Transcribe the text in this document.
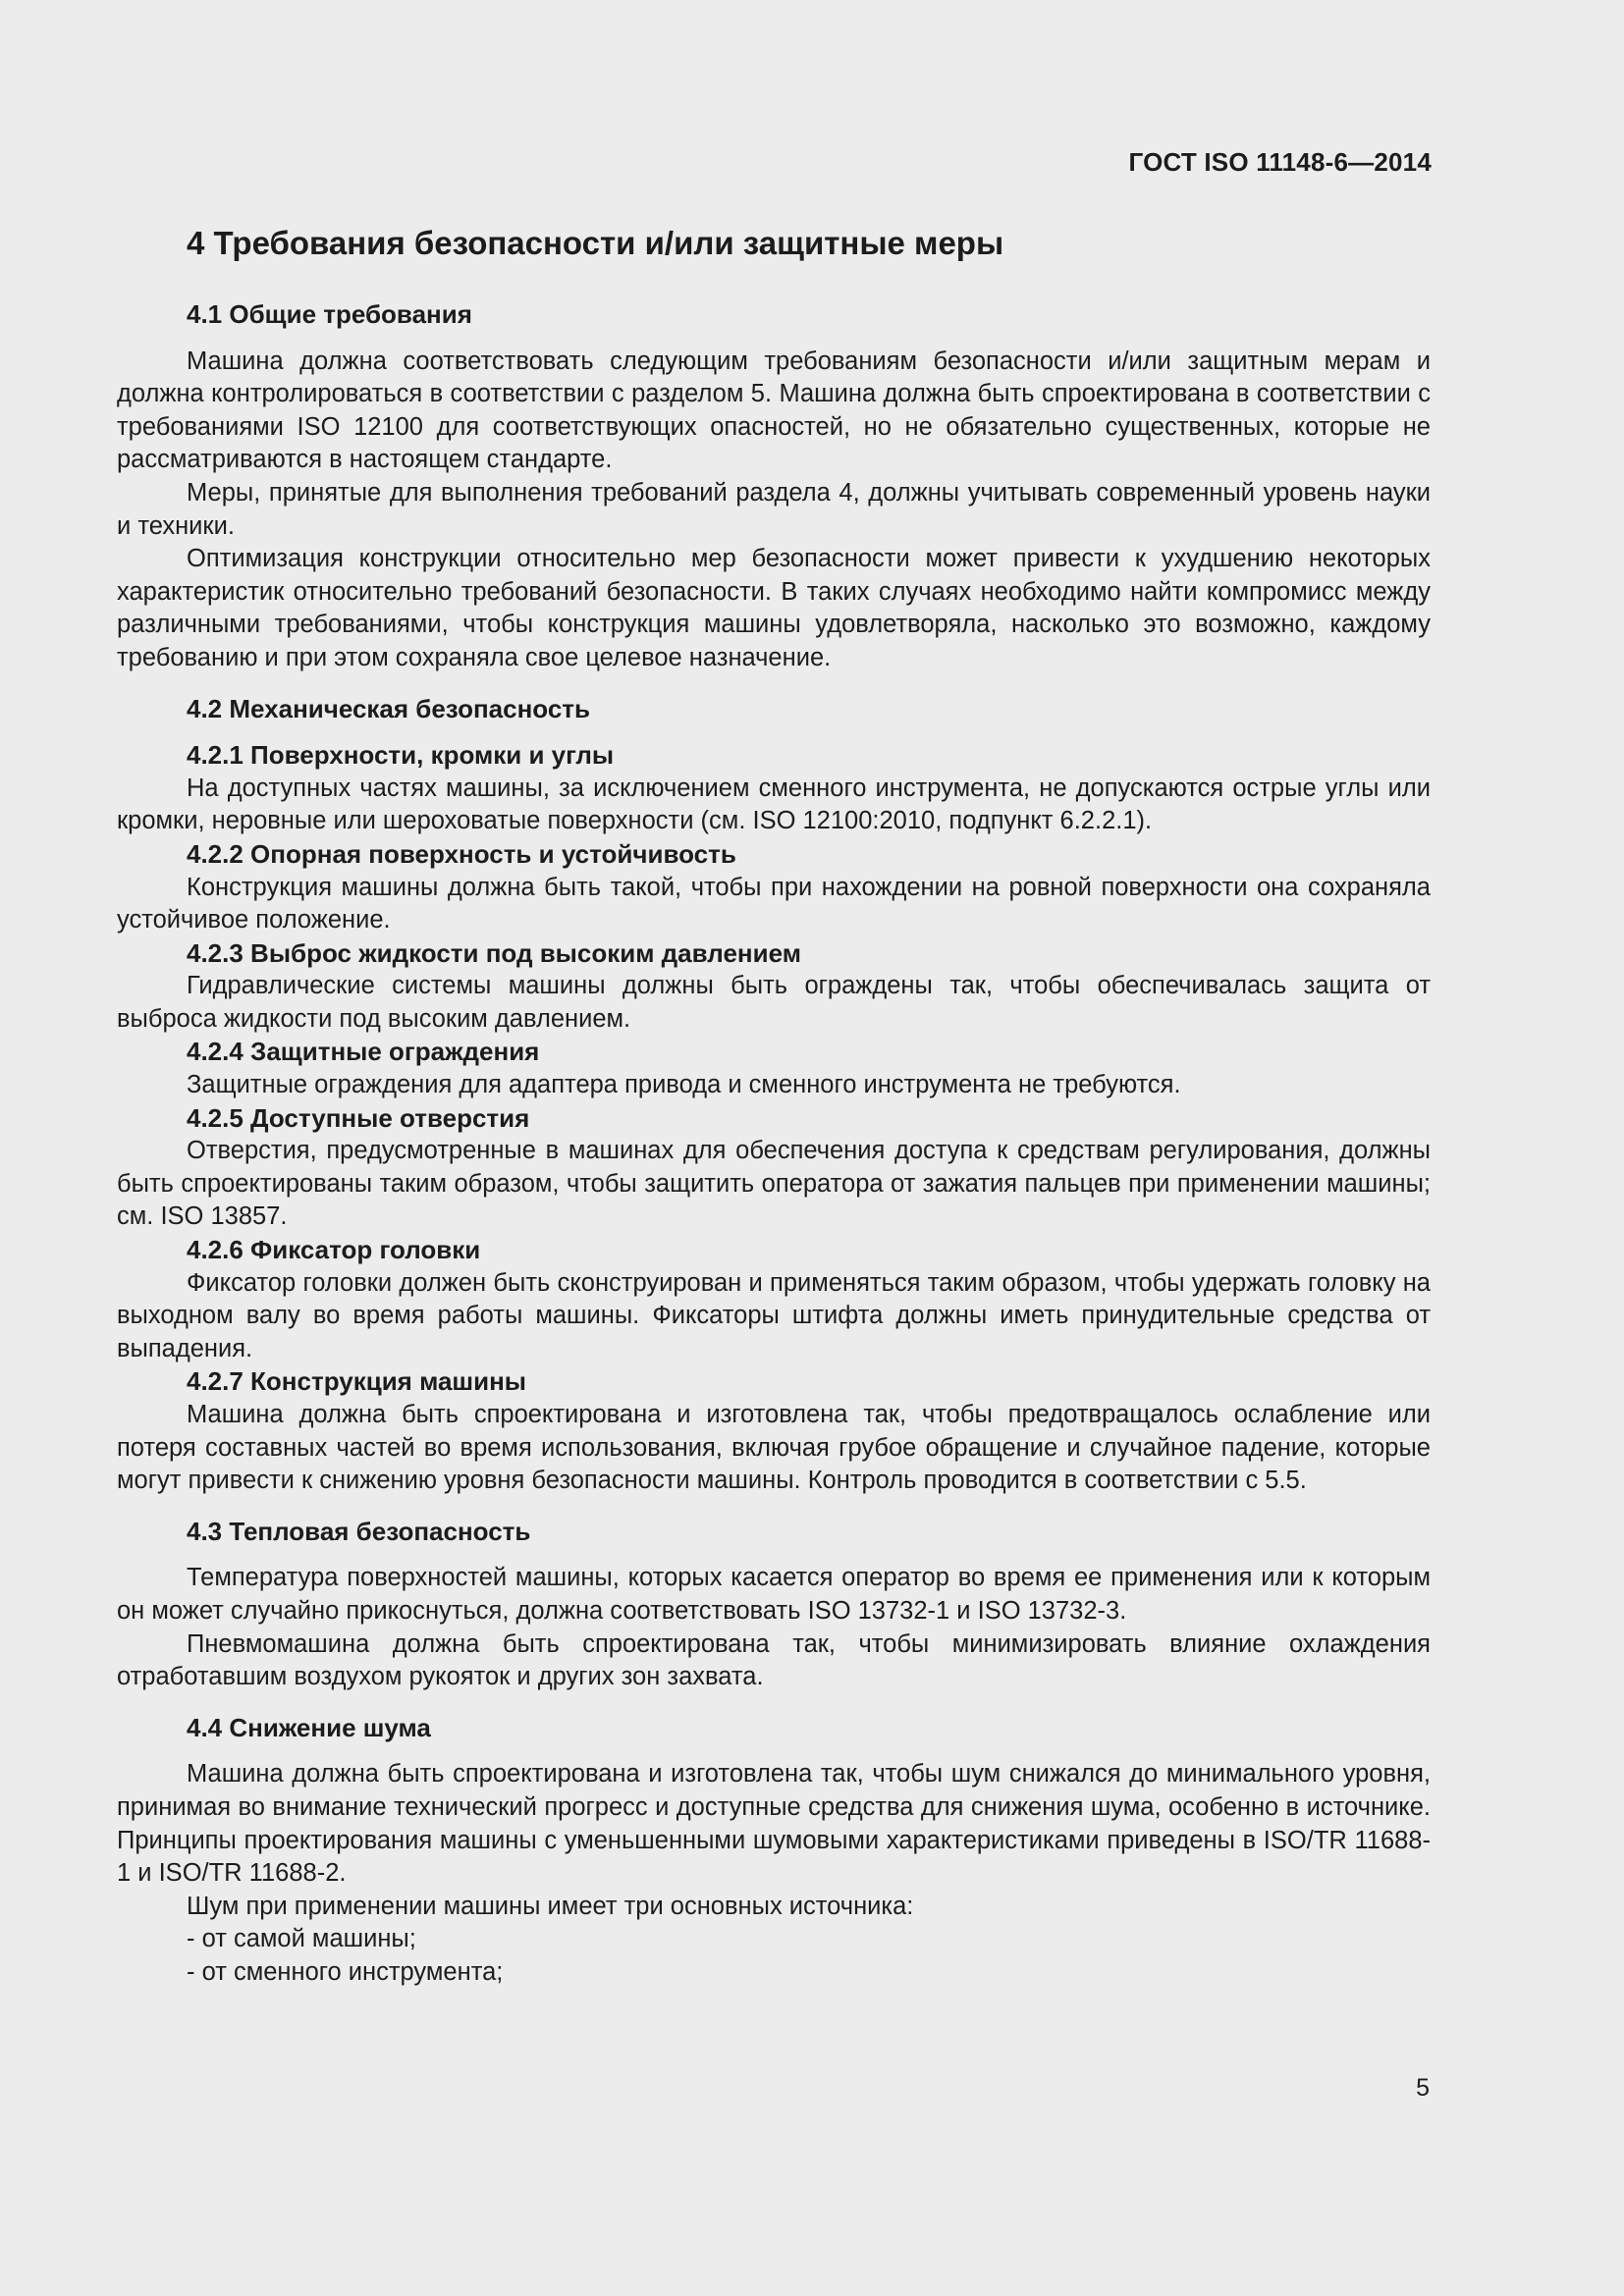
ГОСТ ISO 11148-6—2014
4 Требования безопасности и/или защитные меры
4.1 Общие требования

Машина должна соответствовать следующим требованиям безопасности и/или защитным мерам и должна контролироваться в соответствии с разделом 5. Машина должна быть спроектирована в соответствии с требованиями ISO 12100 для соответствующих опасностей, но не обязательно существенных, которые не рассматриваются в настоящем стандарте.

Меры, принятые для выполнения требований раздела 4, должны учитывать современный уровень науки и техники.

Оптимизация конструкции относительно мер безопасности может привести к ухудшению некоторых характеристик относительно требований безопасности. В таких случаях необходимо найти компромисс между различными требованиями, чтобы конструкция машины удовлетворяла, насколько это возможно, каждому требованию и при этом сохраняла свое целевое назначение.

4.2 Механическая безопасность
4.2.1 Поверхности, кромки и углы

На доступных частях машины, за исключением сменного инструмента, не допускаются острые углы или кромки, неровные или шероховатые поверхности (см. ISO 12100:2010, подпункт 6.2.2.1).

4.2.2 Опорная поверхность и устойчивость

Конструкция машины должна быть такой, чтобы при нахождении на ровной поверхности она сохраняла устойчивое положение.

4.2.3 Выброс жидкости под высоким давлением

Гидравлические системы машины должны быть ограждены так, чтобы обеспечивалась защита от выброса жидкости под высоким давлением.

4.2.4 Защитные ограждения

Защитные ограждения для адаптера привода и сменного инструмента не требуются.

4.2.5 Доступные отверстия

Отверстия, предусмотренные в машинах для обеспечения доступа к средствам регулирования, должны быть спроектированы таким образом, чтобы защитить оператора от зажатия пальцев при применении машины; см. ISO 13857.

4.2.6 Фиксатор головки

Фиксатор головки должен быть сконструирован и применяться таким образом, чтобы удержать головку на выходном валу во время работы машины. Фиксаторы штифта должны иметь принудительные средства от выпадения.

4.2.7 Конструкция машины

Машина должна быть спроектирована и изготовлена так, чтобы предотвращалось ослабление или потеря составных частей во время использования, включая грубое обращение и случайное падение, которые могут привести к снижению уровня безопасности машины. Контроль проводится в соответствии с 5.5.

4.3 Тепловая безопасность

Температура поверхностей машины, которых касается оператор во время ее применения или к которым он может случайно прикоснуться, должна соответствовать ISO 13732-1 и ISO 13732-3.

Пневмомашина должна быть спроектирована так, чтобы минимизировать влияние охлаждения отработавшим воздухом рукояток и других зон захвата.

4.4 Снижение шума

Машина должна быть спроектирована и изготовлена так, чтобы шум снижался до минимального уровня, принимая во внимание технический прогресс и доступные средства для снижения шума, особенно в источнике. Принципы проектирования машины с уменьшенными шумовыми характеристиками приведены в ISO/TR 11688-1 и ISO/TR 11688-2.

Шум при применении машины имеет три основных источника:

- от самой машины;
- от сменного инструмента;
5
